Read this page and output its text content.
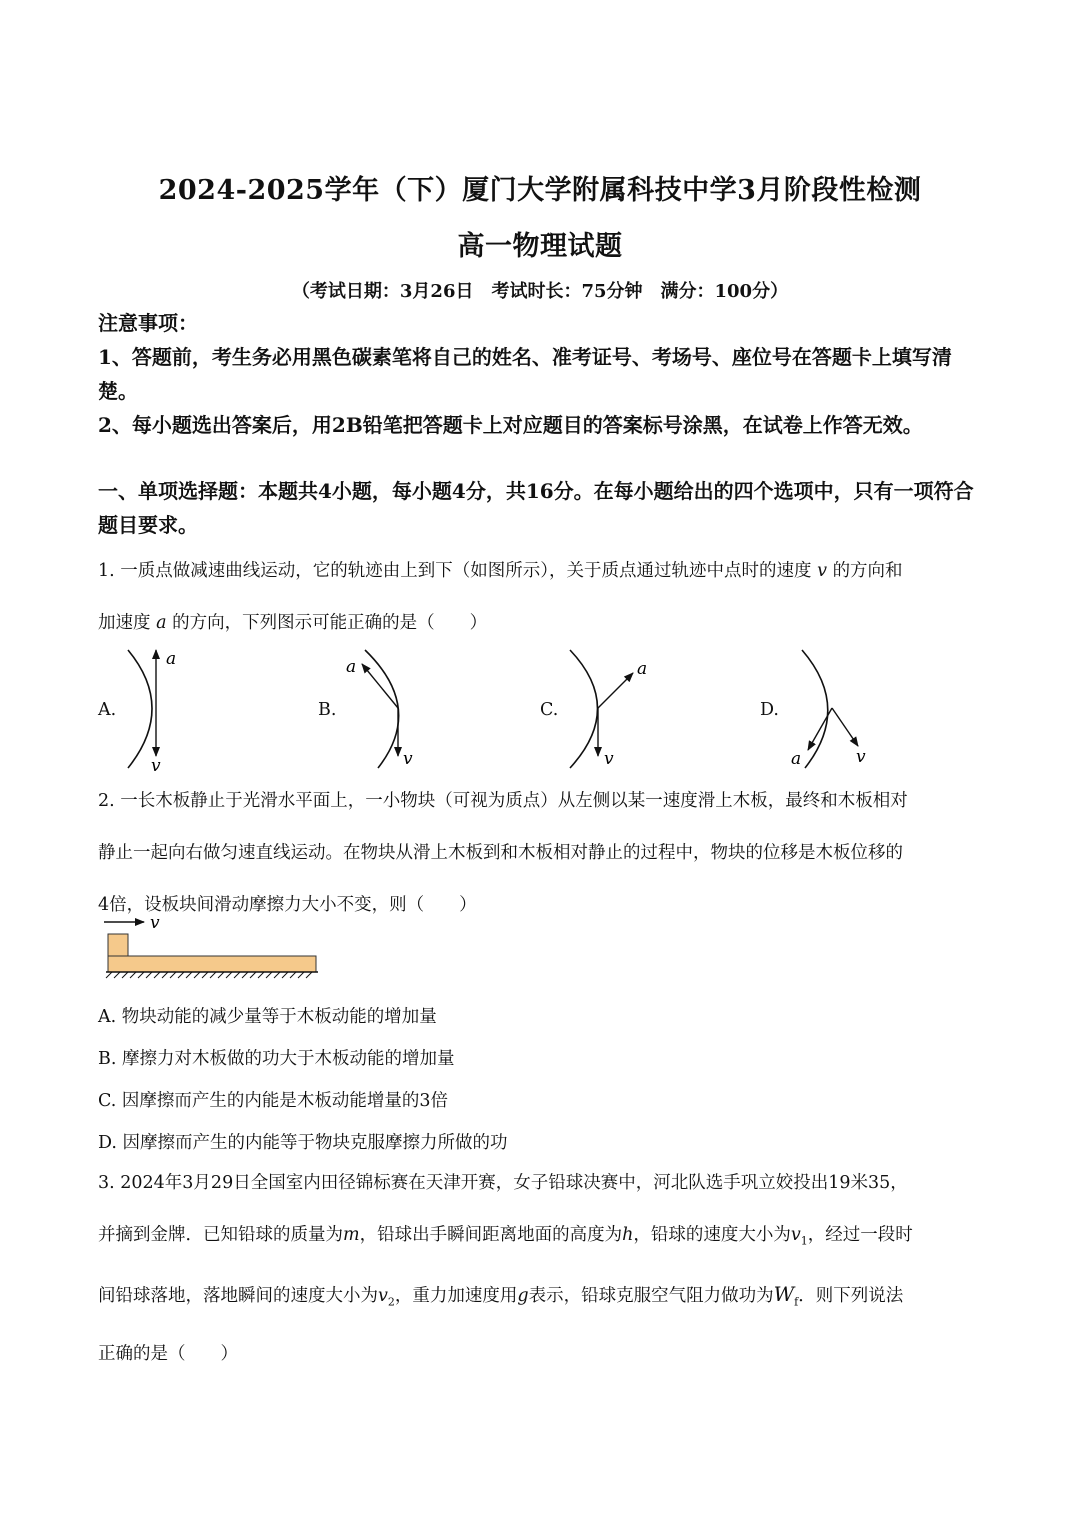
2024-2025学年（下）厦门大学附属科技中学3月阶段性检测
高一物理试题
（考试日期：3月26日　考试时长：75分钟　满分：100分）
注意事项：
1、答题前，考生务必用黑色碳素笔将自己的姓名、准考证号、考场号、座位号在答题卡上填写清楚。
2、每小题选出答案后，用2B铅笔把答题卡上对应题目的答案标号涂黑，在试卷上作答无效。
一、单项选择题：本题共4小题，每小题4分，共16分。在每小题给出的四个选项中，只有一项符合题目要求。
1. 一质点做减速曲线运动，它的轨迹由上到下（如图所示），关于质点通过轨迹中点时的速度 v 的方向和
加速度 a 的方向，下列图示可能正确的是（　　）
A.	B.	C.	D.
a
v
a
v
a
v	a	v
2. 一长木板静止于光滑水平面上，一小物块（可视为质点）从左侧以某一速度滑上木板，最终和木板相对
静止一起向右做匀速直线运动。在物块从滑上木板到和木板相对静止的过程中，物块的位移是木板位移的
4倍，设板块间滑动摩擦力大小不变，则（　　）
v
A. 物块动能的减少量等于木板动能的增加量
B. 摩擦力对木板做的功大于木板动能的增加量
C. 因摩擦而产生的内能是木板动能增量的3倍
D. 因摩擦而产生的内能等于物块克服摩擦力所做的功
3. 2024年3月29日全国室内田径锦标赛在天津开赛，女子铅球决赛中，河北队选手巩立姣投出19米35，
并摘到金牌．已知铅球的质量为m，铅球出手瞬间距离地面的高度为h，铅球的速度大小为$v_1$，经过一段时
间铅球落地，落地瞬间的速度大小为$v_2$，重力加速度用g表示，铅球克服空气阻力做功为$W_f$．则下列说法
正确的是（　　）
